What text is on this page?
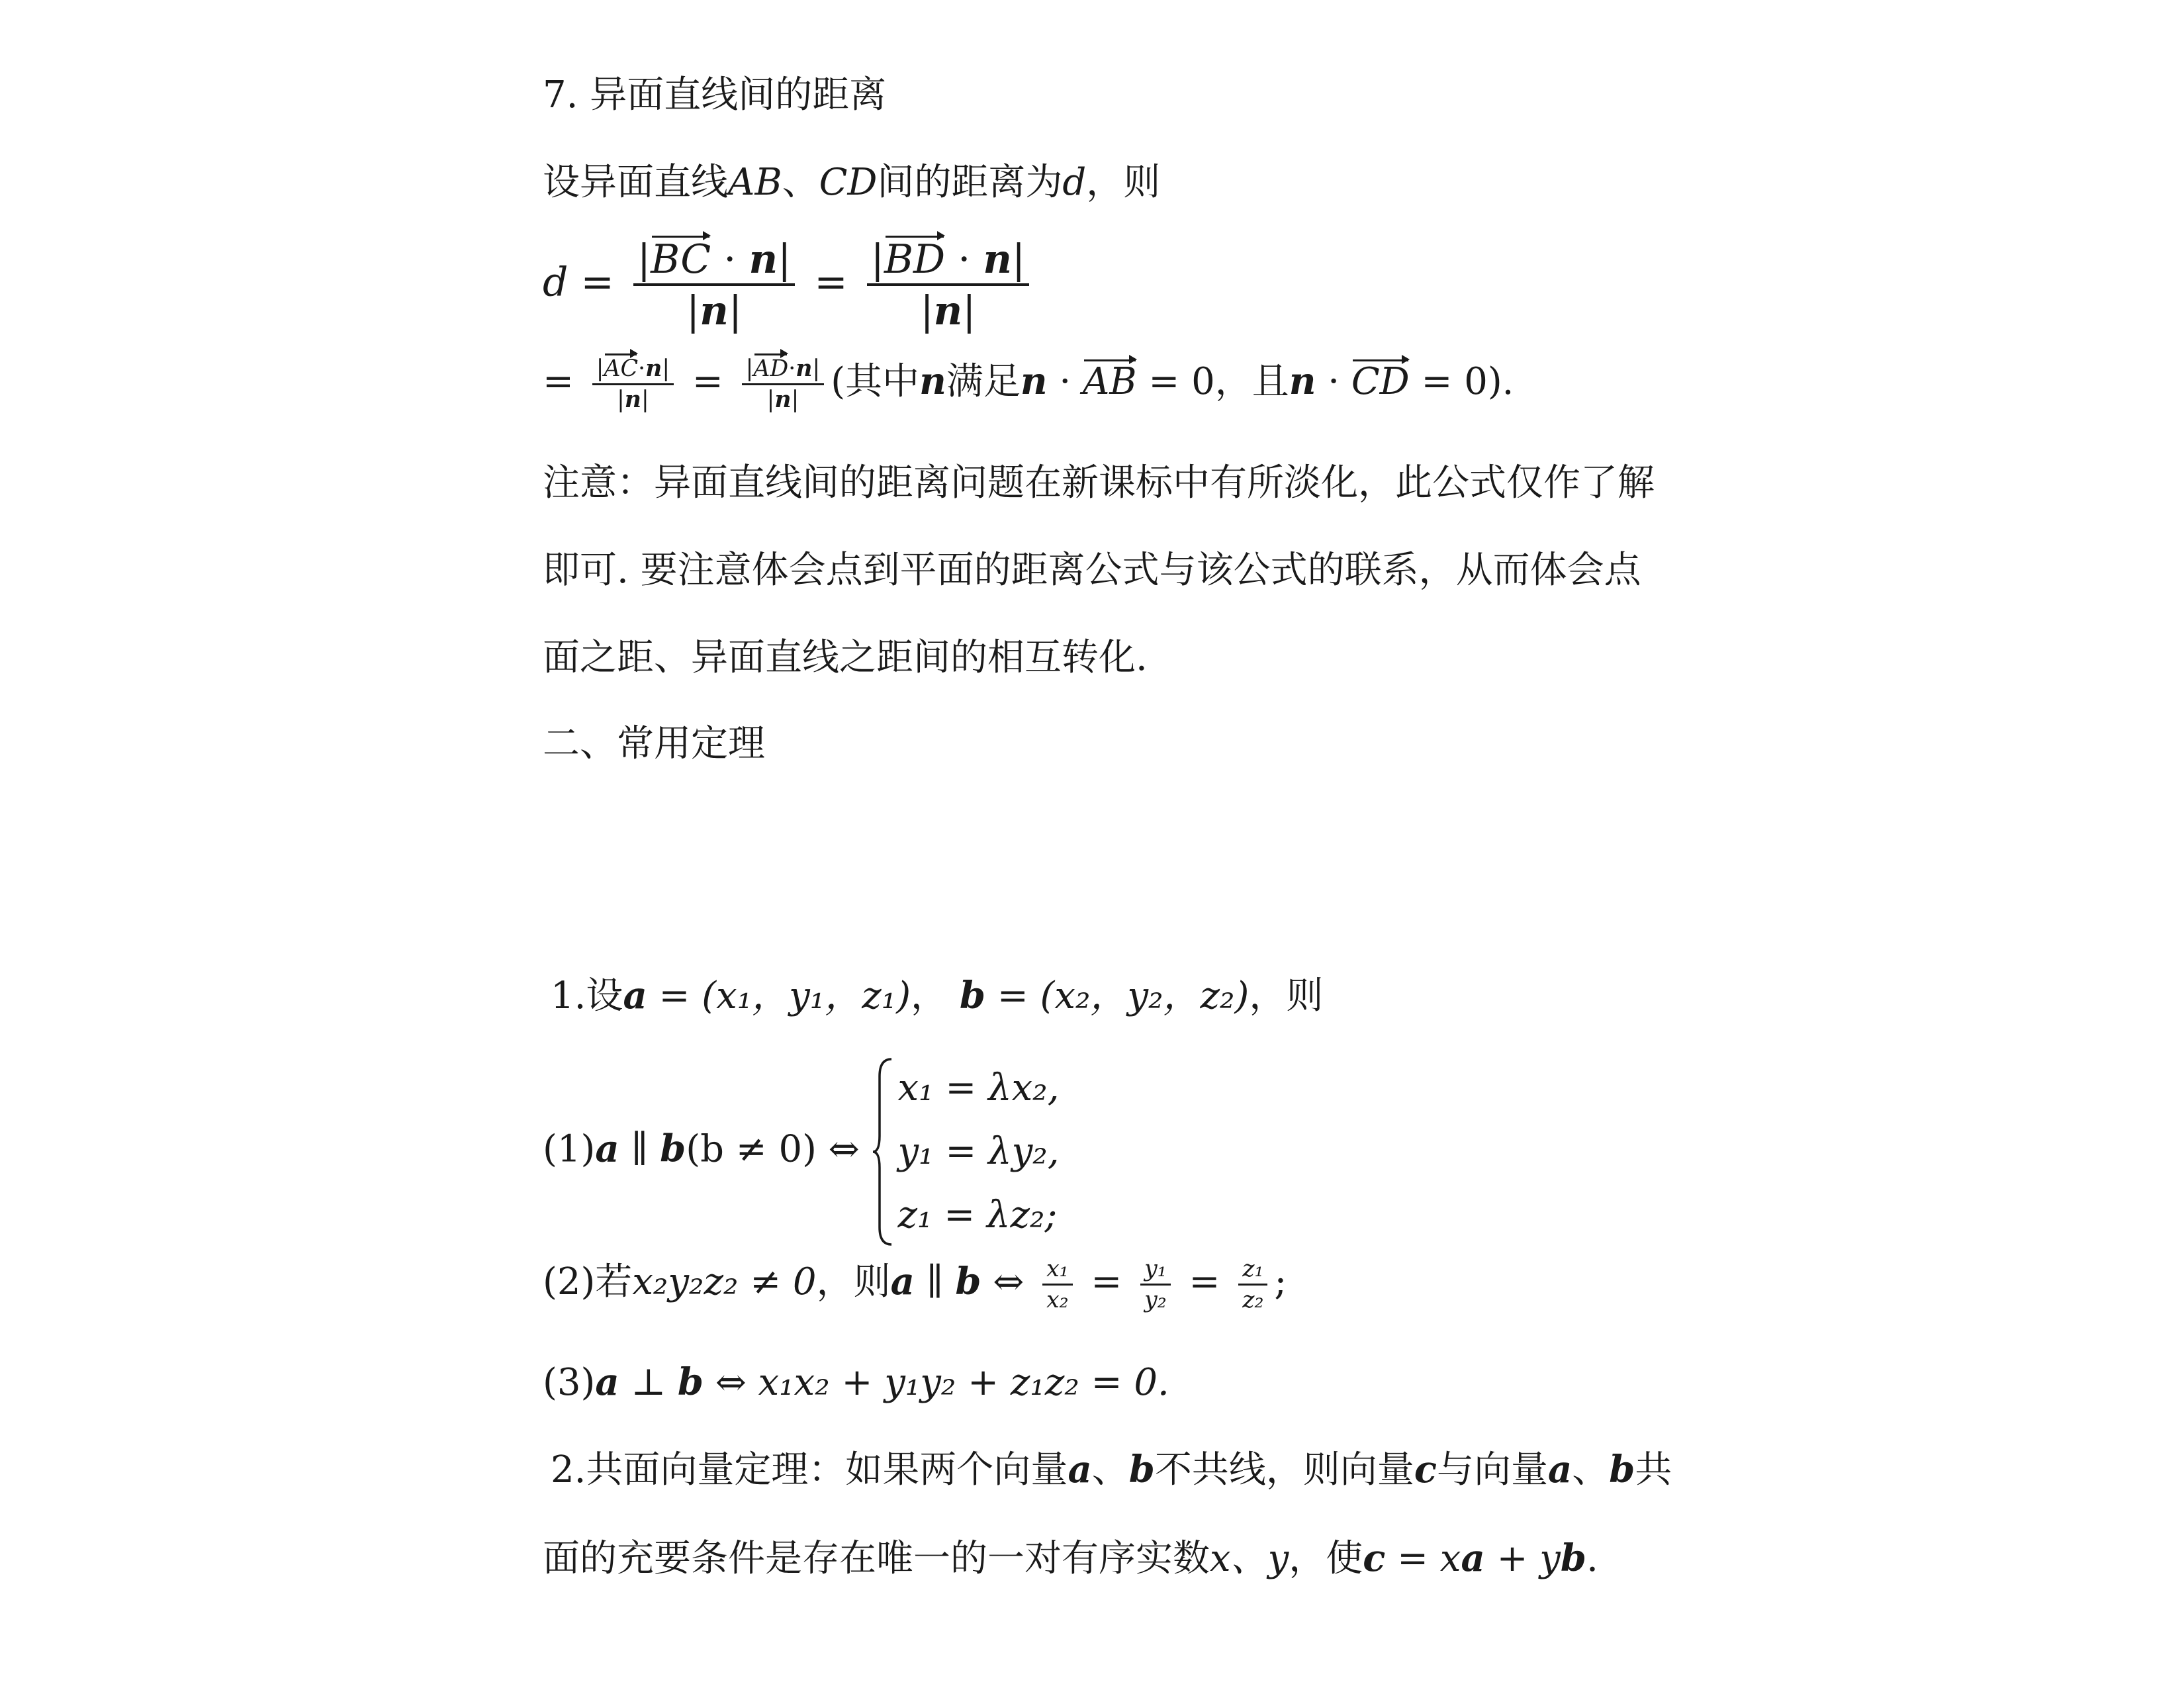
7. 异面直线间的距离
设异面直线AB、CD间的距离为d，则
$d = \frac{|BC \cdot n|}{|n|} = \frac{|BD \cdot n|}{|n|}$
= $\frac{|AC\cdot n|}{|n|} = \frac{|AD\cdot n|}{|n|}$ (其中n满足n · AB = 0，且n · CD = 0).
注意：异面直线间的距离问题在新课标中有所淡化，此公式仅作了解
即可. 要注意体会点到平面的距离公式与该公式的联系，从而体会点
面之距、异面直线之距间的相互转化.
二、常用定理
1.设a = (x₁，y₁，z₁)， b = (x₂，y₂，z₂)，则
(1)a ∥ b(b ≠ 0) ⇔
x₁ = λx₂,
y₁ = λy₂,
z₁ = λz₂;
(2)若x₂y₂z₂ ≠ 0，则a ∥ b ⇔ $\frac{\text{x₁}}{\text{x₂}} = \frac{\text{y₁}}{\text{y₂}} = \frac{\text{z₁}}{\text{z₂}}$ ;
(3)a ⊥ b ⇔ x₁x₂ + y₁y₂ + z₁z₂ = 0.
2.共面向量定理：如果两个向量a、b不共线，则向量c与向量a、b共
面的充要条件是存在唯一的一对有序实数x、y，使c = xa + yb.
